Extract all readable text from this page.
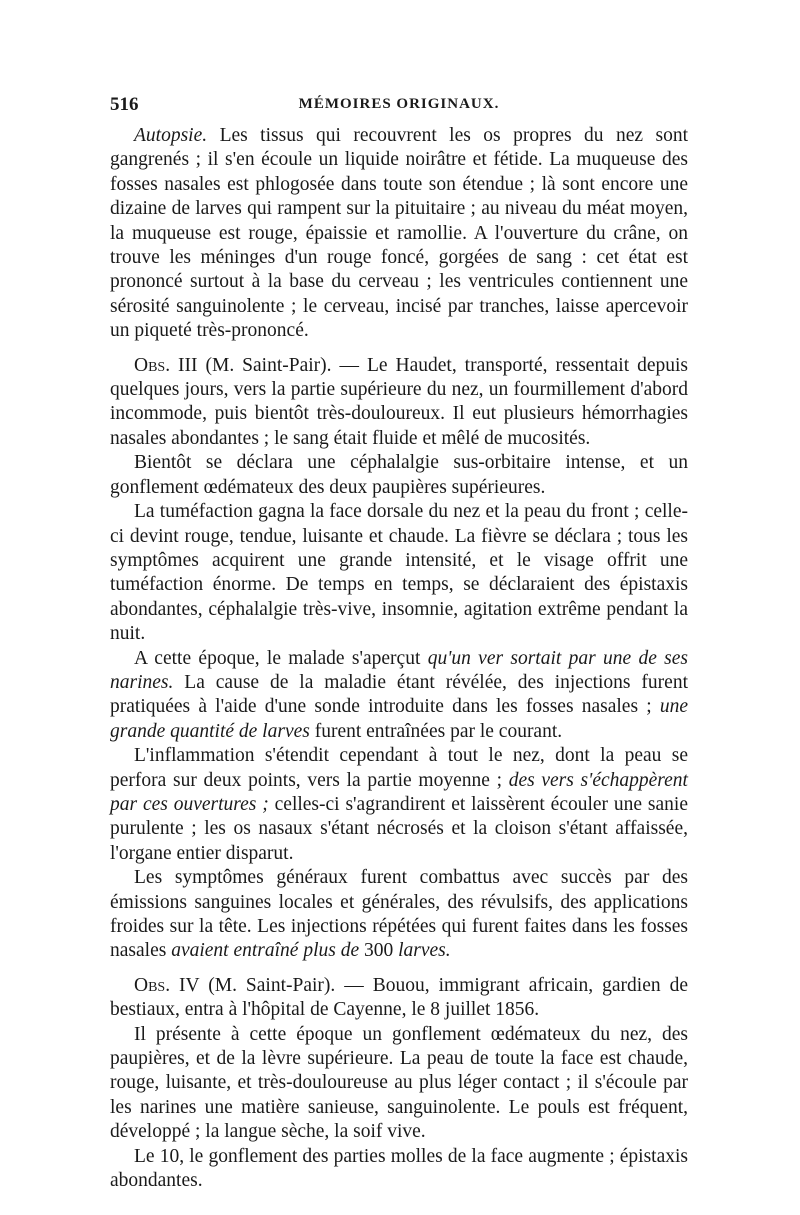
516	MÉMOIRES ORIGINAUX.

Autopsie. Les tissus qui recouvrent les os propres du nez sont gangrenés ; il s'en écoule un liquide noirâtre et fétide. La muqueuse des fosses nasales est phlogosée dans toute son étendue ; là sont encore une dizaine de larves qui rampent sur la pituitaire ; au niveau du méat moyen, la muqueuse est rouge, épaissie et ramollie. A l'ouverture du crâne, on trouve les méninges d'un rouge foncé, gorgées de sang : cet état est prononcé surtout à la base du cerveau ; les ventricules contiennent une sérosité sanguinolente ; le cerveau, incisé par tranches, laisse apercevoir un piqueté très-prononcé.

Obs. III (M. Saint-Pair). — Le Haudet, transporté, ressentait depuis quelques jours, vers la partie supérieure du nez, un fourmillement d'abord incommode, puis bientôt très-douloureux. Il eut plusieurs hémorrhagies nasales abondantes ; le sang était fluide et mêlé de mucosités.

Bientôt se déclara une céphalalgie sus-orbitaire intense, et un gonflement œdémateux des deux paupières supérieures.

La tuméfaction gagna la face dorsale du nez et la peau du front ; celle-ci devint rouge, tendue, luisante et chaude. La fièvre se déclara ; tous les symptômes acquirent une grande intensité, et le visage offrit une tuméfaction énorme. De temps en temps, se déclaraient des épistaxis abondantes, céphalalgie très-vive, insomnie, agitation extrême pendant la nuit.

A cette époque, le malade s'aperçut qu'un ver sortait par une de ses narines. La cause de la maladie étant révélée, des injections furent pratiquées à l'aide d'une sonde introduite dans les fosses nasales ; une grande quantité de larves furent entraînées par le courant.

L'inflammation s'étendit cependant à tout le nez, dont la peau se perfora sur deux points, vers la partie moyenne ; des vers s'échappèrent par ces ouvertures ; celles-ci s'agrandirent et laissèrent écouler une sanie purulente ; les os nasaux s'étant nécrosés et la cloison s'étant affaissée, l'organe entier disparut.

Les symptômes généraux furent combattus avec succès par des émissions sanguines locales et générales, des révulsifs, des applications froides sur la tête. Les injections répétées qui furent faites dans les fosses nasales avaient entraîné plus de 300 larves.

Obs. IV (M. Saint-Pair). — Bouou, immigrant africain, gardien de bestiaux, entra à l'hôpital de Cayenne, le 8 juillet 1856.

Il présente à cette époque un gonflement œdémateux du nez, des paupières, et de la lèvre supérieure. La peau de toute la face est chaude, rouge, luisante, et très-douloureuse au plus léger contact ; il s'écoule par les narines une matière sanieuse, sanguinolente. Le pouls est fréquent, développé ; la langue sèche, la soif vive.

Le 10, le gonflement des parties molles de la face augmente ; épistaxis abondantes.
